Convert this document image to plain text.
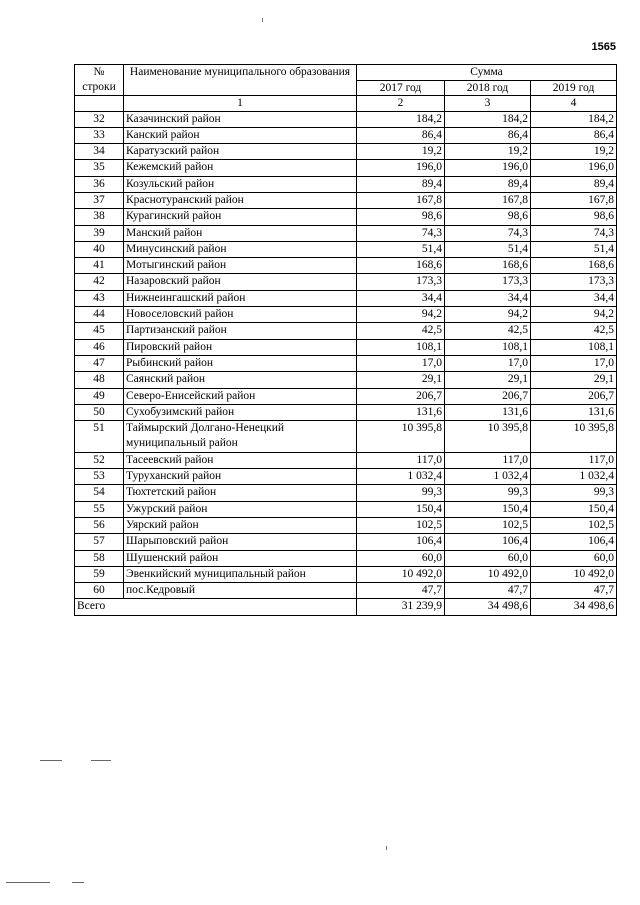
1565
№ строки	Наименование муниципального образования	Сумма		
		2017 год	2018 год	2019 год
	1	2	3	4
32	Казачинский район	184,2	184,2	184,2
33	Канский район	86,4	86,4	86,4
34	Каратузский район	19,2	19,2	19,2
35	Кежемский район	196,0	196,0	196,0
36	Козульский район	89,4	89,4	89,4
37	Краснотуранский район	167,8	167,8	167,8
38	Курагинский район	98,6	98,6	98,6
39	Манский район	74,3	74,3	74,3
40	Минусинский район	51,4	51,4	51,4
41	Мотыгинский район	168,6	168,6	168,6
42	Назаровский район	173,3	173,3	173,3
43	Нижнеингашский район	34,4	34,4	34,4
44	Новоселовский район	94,2	94,2	94,2
45	Партизанский район	42,5	42,5	42,5
46	Пировский район	108,1	108,1	108,1
47	Рыбинский район	17,0	17,0	17,0
48	Саянский район	29,1	29,1	29,1
49	Северо-Енисейский район	206,7	206,7	206,7
50	Сухобузимский район	131,6	131,6	131,6
51	Таймырский Долгано-Ненецкий муниципальный район	10 395,8	10 395,8	10 395,8
52	Тасеевский район	117,0	117,0	117,0
53	Туруханский район	1 032,4	1 032,4	1 032,4
54	Тюхтетский район	99,3	99,3	99,3
55	Ужурский район	150,4	150,4	150,4
56	Уярский район	102,5	102,5	102,5
57	Шарыповский район	106,4	106,4	106,4
58	Шушенский район	60,0	60,0	60,0
59	Эвенкийский муниципальный район	10 492,0	10 492,0	10 492,0
60	пос.Кедровый	47,7	47,7	47,7
Всего		31 239,9	34 498,6	34 498,6
